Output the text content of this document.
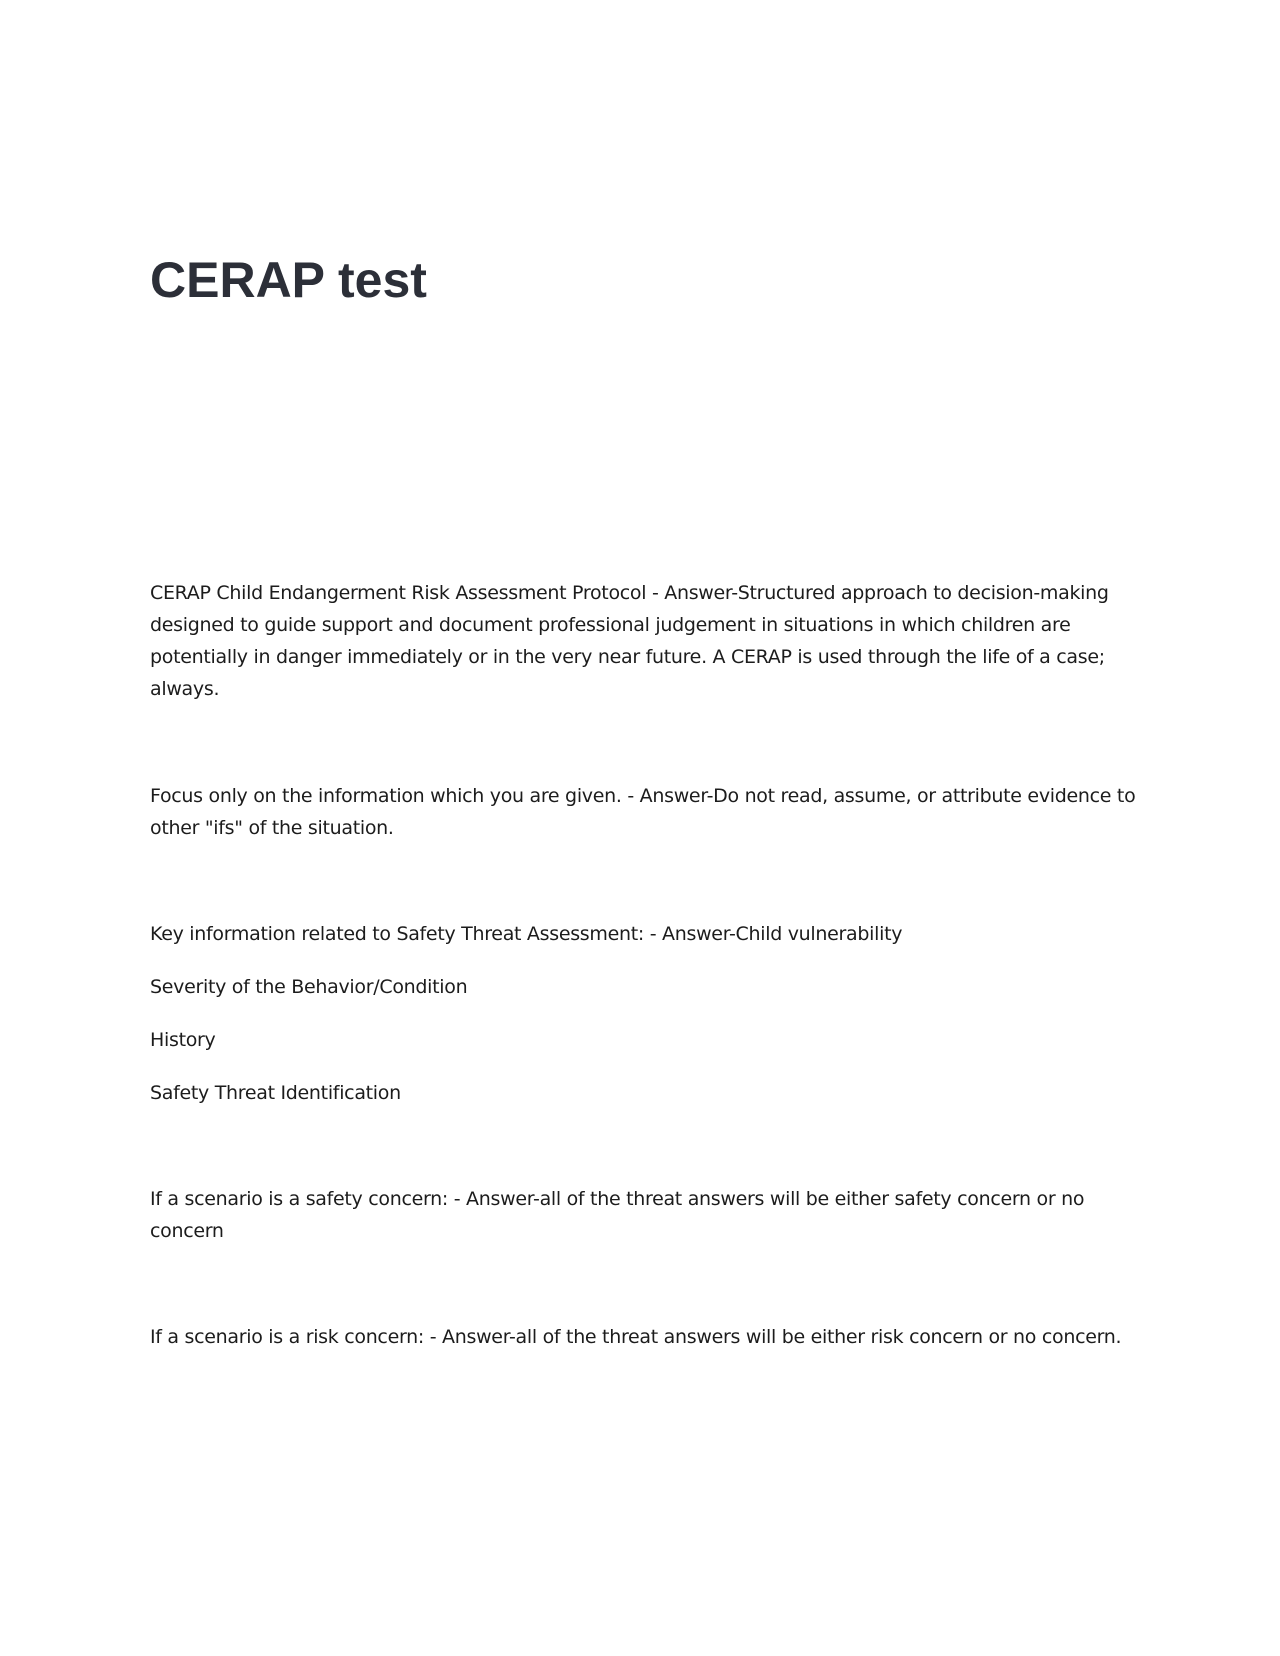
CERAP test

CERAP Child Endangerment Risk Assessment Protocol - Answer-Structured approach to decision-making designed to guide support and document professional judgement in situations in which children are potentially in danger immediately or in the very near future. A CERAP is used through the life of a case; always.

Focus only on the information which you are given. - Answer-Do not read, assume, or attribute evidence to other "ifs" of the situation.

Key information related to Safety Threat Assessment: - Answer-Child vulnerability

Severity of the Behavior/Condition

History

Safety Threat Identification

If a scenario is a safety concern: - Answer-all of the threat answers will be either safety concern or no concern

If a scenario is a risk concern: - Answer-all of the threat answers will be either risk concern or no concern.
